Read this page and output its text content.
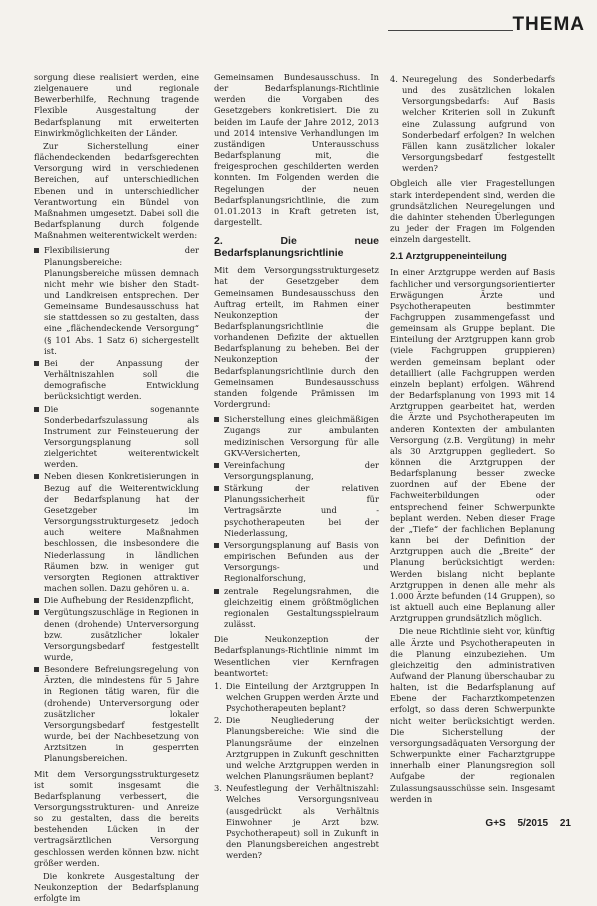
THEMA

sorgung diese realisiert werden, eine zielgenauere und regionale Bewerberhilfe, Rechnung tragende Flexible Ausgestaltung der Bedarfsplanung mit erweiterten Einwirkmöglichkeiten der Länder.

Zur Sicherstellung einer flächendeckenden bedarfsgerechten Versorgung wird in verschiedenen Bereichen, auf unterschiedlichen Ebenen und in unterschiedlicher Verantwortung ein Bündel von Maßnahmen umgesetzt. Dabei soll die Bedarfsplanung durch folgende Maßnahmen weiterentwickelt werden:

Flexibilisierung der Planungsbereiche: Planungsbereiche müssen demnach nicht mehr wie bisher den Stadt- und Landkreisen entsprechen. Der Gemeinsame Bundesausschuss hat sie stattdessen so zu gestalten, dass eine „flächendeckende Versorgung“ (§ 101 Abs. 1 Satz 6) sichergestellt ist.
Bei der Anpassung der Verhältniszahlen soll die demografische Entwicklung berücksichtigt werden.
Die sogenannte Sonderbedarfszulassung als Instrument zur Feinsteuerung der Versorgungsplanung soll zielgerichtet weiterentwickelt werden.
Neben diesen Konkretisierungen in Bezug auf die Weiterentwicklung der Bedarfsplanung hat der Gesetzgeber im Versorgungsstrukturgesetz jedoch auch weitere Maßnahmen beschlossen, die insbesondere die Niederlassung in ländlichen Räumen bzw. in weniger gut versorgten Regionen attraktiver machen sollen. Dazu gehören u. a.
Die Aufhebung der Residenzpflicht,
Vergütungszuschläge in Regionen in denen (drohende) Unterversorgung bzw. zusätzlicher lokaler Versorgungsbedarf festgestellt wurde,
Besondere Befreiungsregelung von Ärzten, die mindestens für 5 Jahre in Regionen tätig waren, für die (drohende) Unterversorgung oder zusätzlicher lokaler Versorgungsbedarf festgestellt wurde, bei der Nachbesetzung von Arztsitzen in gesperrten Planungsbereichen.

Mit dem Versorgungsstrukturgesetz ist somit insgesamt die Bedarfsplanung verbessert, die Versorgungsstrukturen- und Anreize so zu gestalten, dass die bereits bestehenden Lücken in der vertragsärztlichen Versorgung geschlossen werden können bzw. nicht größer werden.

Die konkrete Ausgestaltung der Neukonzeption der Bedarfsplanung erfolgte im

Gemeinsamen Bundesausschuss. In der Bedarfsplanungs-Richtlinie werden die Vorgaben des Gesetzgebers konkretisiert. Die zu beiden im Laufe der Jahre 2012, 2013 und 2014 intensive Verhandlungen im zuständigen Unterausschuss Bedarfsplanung mit, die freigesprochen geschilderten werden konnten. Im Folgenden werden die Regelungen der neuen Bedarfsplanungsrichtlinie, die zum 01.01.2013 in Kraft getreten ist, dargestellt.

2. Die neue Bedarfsplanungsrichtlinie

Mit dem Versorgungsstrukturgesetz hat der Gesetzgeber dem Gemeinsamen Bundesausschuss den Auftrag erteilt, im Rahmen einer Neukonzeption der Bedarfsplanungsrichtlinie die vorhandenen Defizite der aktuellen Bedarfsplanung zu beheben. Bei der Neukonzeption der Bedarfsplanungsrichtlinie durch den Gemeinsamen Bundesausschuss standen folgende Prämissen im Vordergrund:

Sicherstellung eines gleichmäßigen Zugangs zur ambulanten medizinischen Versorgung für alle GKV-Versicherten,
Vereinfachung der Versorgungsplanung,
Stärkung der relativen Planungssicherheit für Vertragsärzte und -psychotherapeuten bei der Niederlassung,
Versorgungsplanung auf Basis von empirischen Befunden aus der Versorgungs- und Regionalforschung,
zentrale Regelungsrahmen, die gleichzeitig einem größtmöglichen regionalen Gestaltungsspielraum zulässt.

Die Neukonzeption der Bedarfsplanungs-Richtlinie nimmt im Wesentlichen vier Kernfragen beantwortet:

1. Die Einteilung der Arztgruppen In welchen Gruppen werden Ärzte und Psychotherapeuten beplant?
2. Die Neugliederung der Planungsbereiche: Wie sind die Planungsräume der einzelnen Arztgruppen in Zukunft geschnitten und welche Arztgruppen werden in welchen Planungsräumen beplant?
3. Neufestlegung der Verhältniszahl: Welches Versorgungsniveau (ausgedrückt als Verhältnis Einwohner je Arzt bzw. Psychotherapeut) soll in Zukunft in den Planungsbereichen angestrebt werden?
4. Neuregelung des Sonderbedarfs und des zusätzlichen lokalen Versorgungsbedarfs: Auf Basis welcher Kriterien soll in Zukunft eine Zulassung aufgrund von Sonderbedarf erfolgen? In welchen Fällen kann zusätzlicher lokaler Versorgungsbedarf festgestellt werden?

Obgleich alle vier Fragestellungen stark interdependent sind, werden die grundsätzlichen Neuregelungen und die dahinter stehenden Überlegungen zu jeder der Fragen im Folgenden einzeln dargestellt.

2.1 Arztgruppeneinteilung

In einer Arztgruppe werden auf Basis fachlicher und versorgungsorientierter Erwägungen Ärzte und Psychotherapeuten bestimmter Fachgruppen zusammengefasst und gemeinsam als Gruppe beplant. Die Einteilung der Arztgruppen kann grob (viele Fachgruppen gruppieren) werden gemeinsam beplant oder detailliert (alle Fachgruppen werden einzeln beplant) erfolgen. Während der Bedarfsplanung von 1993 mit 14 Arztgruppen gearbeitet hat, werden die Ärzte und Psychotherapeuten im anderen Kontexten der ambulanten Versorgung (z.B. Vergütung) in mehr als 30 Arztgruppen gegliedert. So können die Arztgruppen der Bedarfsplanung besser zwecke zuordnen auf der Ebene der Fachweiterbildungen oder entsprechend feiner Schwerpunkte beplant werden. Neben dieser Frage der „Tiefe“ der fachlichen Beplanung kann bei der Definition der Arztgruppen auch die „Breite“ der Planung berücksichtigt werden: Werden bislang nicht beplante Arztgruppen in denen alle mehr als 1.000 Ärzte befunden (14 Gruppen), so ist aktuell auch eine Beplanung aller Arztgruppen grundsätzlich möglich.

Die neue Richtlinie sieht vor, künftig alle Ärzte und Psychotherapeuten in die Planung einzubeziehen. Um gleichzeitig den administrativen Aufwand der Planung überschaubar zu halten, ist die Bedarfsplanung auf Ebene der Facharztkompetenzen erfolgt, so dass deren Schwerpunkte nicht weiter berücksichtigt werden. Die Sicherstellung der versorgungsadäquaten Versorgung der Schwerpunkte einer Facharztgruppe innerhalb einer Planungsregion soll Aufgabe der regionalen Zulassungsausschüsse sein. Insgesamt werden in

G+S 5/2015 21
